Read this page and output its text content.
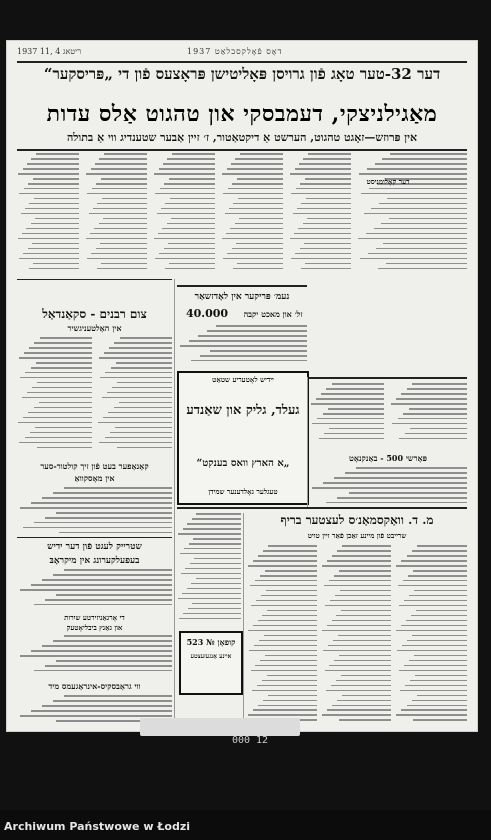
ריטאג 4 ,11 1937	דאָס פֿאָלקסבלאַט 1937
דער 32-טער טאָג פֿון גרויסן פּאָליטישן פּראָצעס פֿון די „פּריסקער“
מאַגילניצקי, דעמבסקי און טהגוט אַלס עדות
אין פּרוזש—זאָגט טהגוט, הערשט אַ דיקטאַטור, ז׳ זיין אַבער שטענדיג ווי אַ בתולה
צום רבנים - סקאַנדאַל
אין האַלטעניגשיר
קאָנאַפער בעט פֿון זיך קולטור-סער
אין מאָסקוואַ
שטרייק לעגט פֿון דער ידיש
בעפעלקערונג אין מיקראָבּ
די אָרגאַניזירטע שיִרות
און גאַנץ ביבליאָטעק
ווי גראַבסקיס-אינראַגעמס מיד
נעמ׳ פּריקער אין לאָדזשאַר
40.000	זל׳ און מאכט יקבה
יידיש לאָטעריע שטאַט
געלד, גליק און שאַנדע
„א הארץ וואס בענקט“
טעגלער גאָלדענער שמידן
פּאָרשי 500 - באַנקנאָט
דער קאָלומניסט
מ. ד. וואַקסמאַנ׳ס לעצטער בריף
שרייבט פֿון מיינע זאַכן פֿאַר זיין טויט
קופאָן № 523
איינע אַנגעזעצטע
000 12
Archiwum Państwowe w Łodzi
